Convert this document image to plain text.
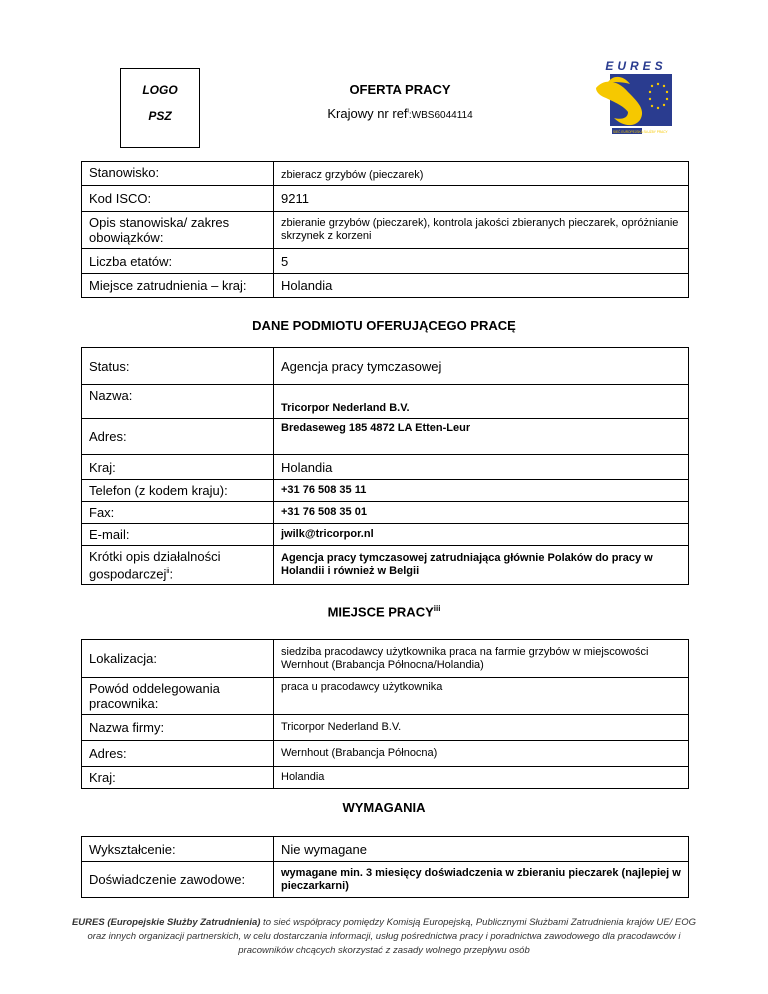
LOGO
PSZ
OFERTA PRACY
Krajowy nr ref$^i$:WBS6044114
EURES
SIEĆ EUROPEJSKA SŁUŻBY PRACY
Stanowisko:	zbieracz grzybów (pieczarek)
Kod ISCO:	9211
Opis stanowiska/ zakres obowiązków:	zbieranie grzybów (pieczarek), kontrola jakości zbieranych pieczarek, opróżnianie skrzynek z korzeni
Liczba etatów:	5
Miejsce zatrudnienia – kraj:	Holandia
DANE PODMIOTU OFERUJĄCEGO PRACĘ
Status:	Agencja pracy tymczasowej
Nazwa:	Tricorpor Nederland B.V.
Adres:	Bredaseweg 185 4872 LA Etten-Leur
Kraj:	Holandia
Telefon (z kodem kraju):	+31 76 508 35 11
Fax:	+31 76 508 35 01
E-mail:	jwilk@tricorpor.nl
Krótki opis działalności gospodarczej$^{ii}$:	Agencja pracy tymczasowej zatrudniająca głównie Polaków do pracy w Holandii i również w Belgii
MIEJSCE PRACY$^{iii}$
Lokalizacja:	siedziba pracodawcy użytkownika praca na farmie grzybów w miejscowości Wernhout (Brabancja Północna/Holandia)
Powód oddelegowania pracownika:	praca u pracodawcy użytkownika
Nazwa firmy:	Tricorpor Nederland B.V.
Adres:	Wernhout (Brabancja Północna)
Kraj:	Holandia
WYMAGANIA
Wykształcenie:	Nie wymagane
Doświadczenie zawodowe:	wymagane min. 3 miesięcy doświadczenia w zbieraniu pieczarek (najlepiej w pieczarkarni)
EURES (Europejskie Służby Zatrudnienia) to sieć współpracy pomiędzy Komisją Europejską, Publicznymi Służbami Zatrudnienia krajów UE/ EOG oraz innych organizacji partnerskich, w celu dostarczania informacji, usług pośrednictwa pracy i poradnictwa zawodowego dla pracodawców i pracowników chcących skorzystać z zasady wolnego przepływu osób
